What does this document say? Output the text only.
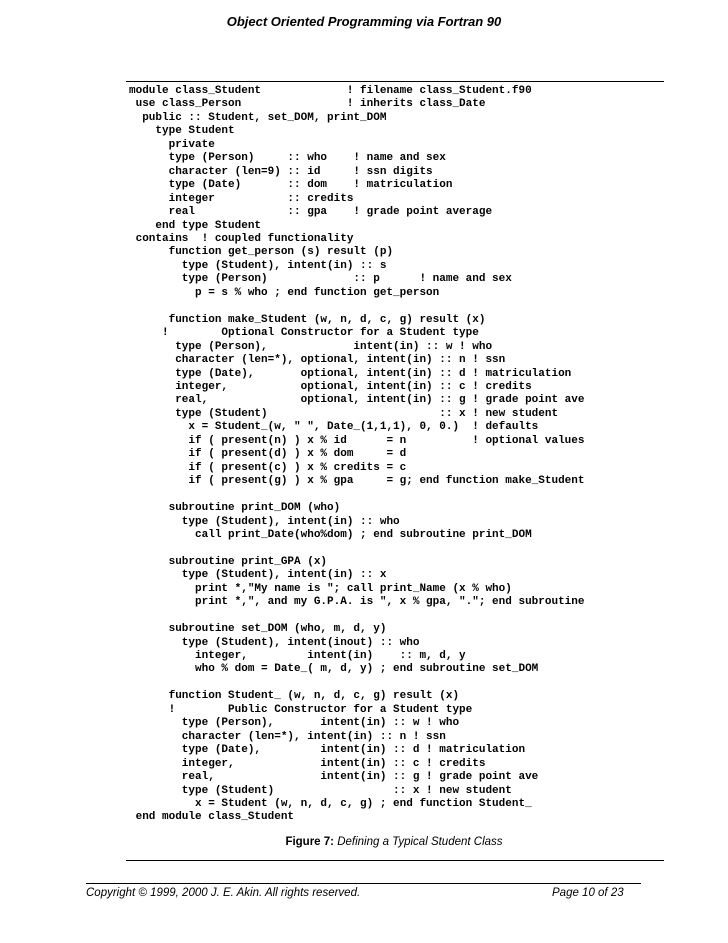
Object Oriented Programming via Fortran 90
module class_Student             ! filename class_Student.f90
use class_Person                ! inherits class_Date
public :: Student, set_DOM, print_DOM
type Student
private
type (Person)     :: who    ! name and sex
character (len=9) :: id     ! ssn digits
type (Date)       :: dom    ! matriculation
integer           :: credits
real              :: gpa    ! grade point average
end type Student
contains  ! coupled functionality
function get_person (s) result (p)
type (Student), intent(in) :: s
type (Person)             :: p      ! name and sex
p = s % who ; end function get_person

function make_Student (w, n, d, c, g) result (x)
!        Optional Constructor for a Student type
type (Person),             intent(in) :: w ! who
character (len=*), optional, intent(in) :: n ! ssn
type (Date),       optional, intent(in) :: d ! matriculation
integer,           optional, intent(in) :: c ! credits
real,              optional, intent(in) :: g ! grade point ave
type (Student)                          :: x ! new student
x = Student_(w, " ", Date_(1,1,1), 0, 0.)  ! defaults
if ( present(n) ) x % id      = n          ! optional values
if ( present(d) ) x % dom     = d
if ( present(c) ) x % credits = c
if ( present(g) ) x % gpa     = g; end function make_Student

subroutine print_DOM (who)
type (Student), intent(in) :: who
call print_Date(who%dom) ; end subroutine print_DOM

subroutine print_GPA (x)
type (Student), intent(in) :: x
print *,"My name is "; call print_Name (x % who)
print *,", and my G.P.A. is ", x % gpa, "."; end subroutine

subroutine set_DOM (who, m, d, y)
type (Student), intent(inout) :: who
integer,         intent(in)    :: m, d, y
who % dom = Date_( m, d, y) ; end subroutine set_DOM

function Student_ (w, n, d, c, g) result (x)
!        Public Constructor for a Student type
type (Person),       intent(in) :: w ! who
character (len=*), intent(in) :: n ! ssn
type (Date),         intent(in) :: d ! matriculation
integer,             intent(in) :: c ! credits
real,                intent(in) :: g ! grade point ave
type (Student)                  :: x ! new student
x = Student (w, n, d, c, g) ; end function Student_
end module class_Student

Figure 7: Defining a Typical Student Class
Copyright © 1999, 2000 J. E. Akin. All rights reserved.	Page 10 of 23
